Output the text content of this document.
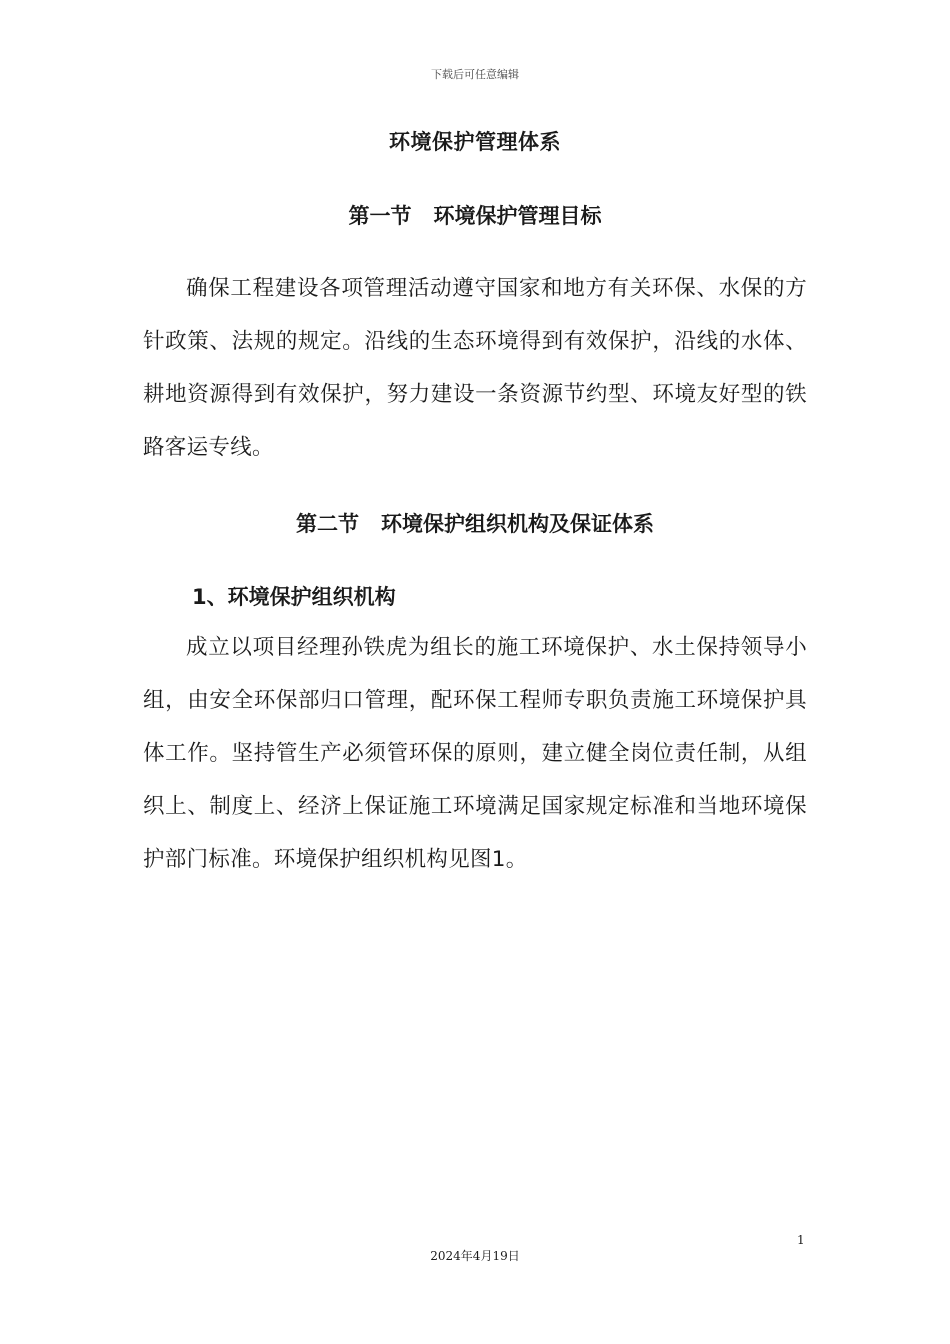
下载后可任意编辑
环境保护管理体系
第一节   环境保护管理目标

确保工程建设各项管理活动遵守国家和地方有关环保、水保的方针政策、法规的规定。沿线的生态环境得到有效保护，沿线的水体、耕地资源得到有效保护，努力建设一条资源节约型、环境友好型的铁路客运专线。

第二节   环境保护组织机构及保证体系
1、环境保护组织机构

成立以项目经理孙铁虎为组长的施工环境保护、水土保持领导小组，由安全环保部归口管理，配环保工程师专职负责施工环境保护具体工作。坚持管生产必须管环保的原则，建立健全岗位责任制，从组织上、制度上、经济上保证施工环境满足国家规定标准和当地环境保护部门标准。环境保护组织机构见图1。

1
2024年4月19日
